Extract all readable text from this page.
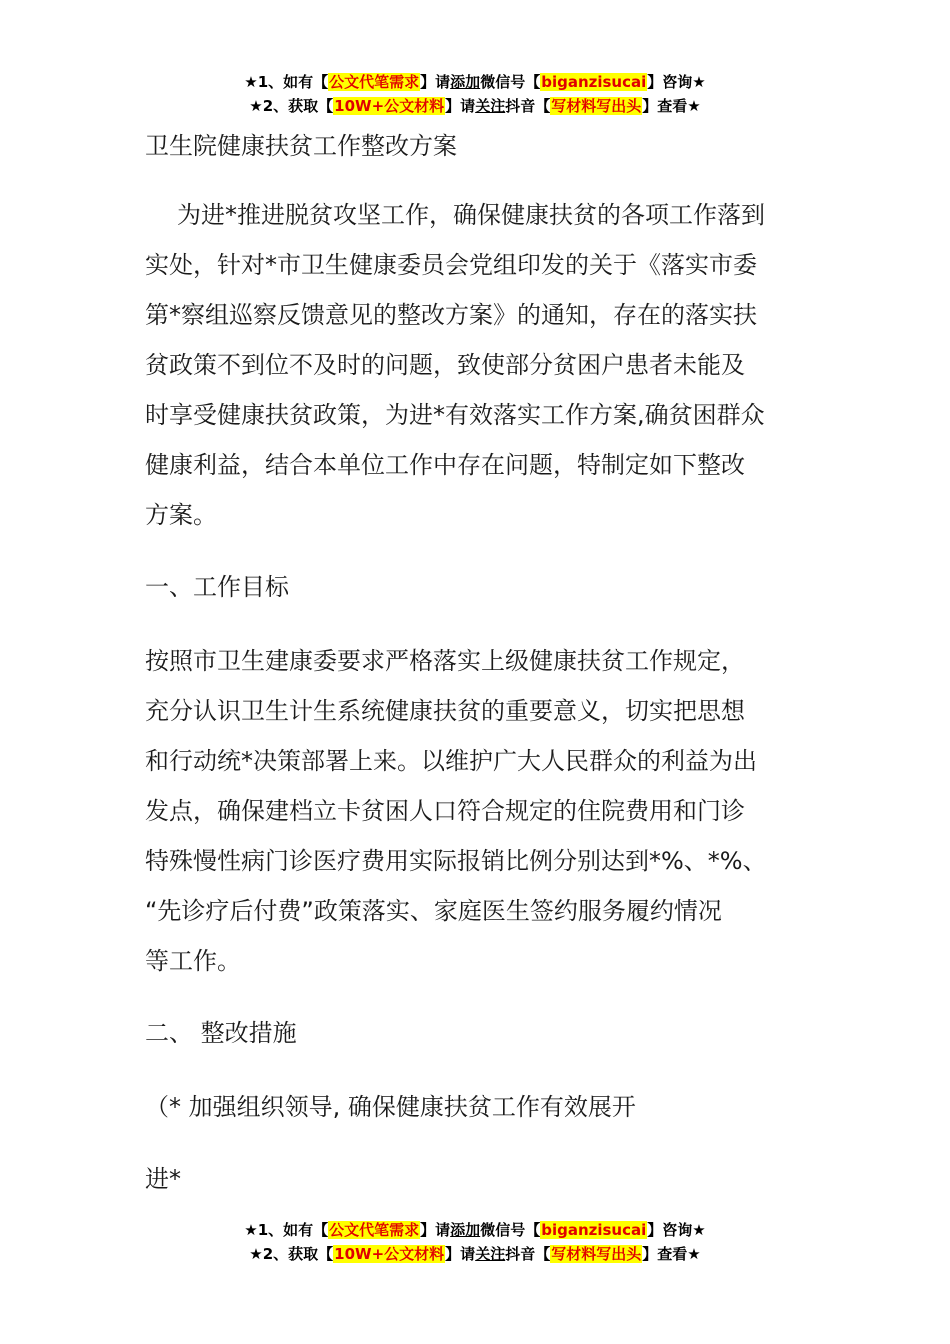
★1、如有【公文代笔需求】请添加微信号【biganzisucai】咨询★
★2、获取【10W+公文材料】请关注抖音【写材料写出头】查看★
卫生院健康扶贫工作整改方案
为进*推进脱贫攻坚工作，确保健康扶贫的各项工作落到
实处，针对*市卫生健康委员会党组印发的关于《落实市委
第*察组巡察反馈意见的整改方案》的通知，存在的落实扶
贫政策不到位不及时的问题，致使部分贫困户患者未能及
时享受健康扶贫政策，为进*有效落实工作方案,确贫困群众
健康利益，结合本单位工作中存在问题，特制定如下整改
方案。
一、工作目标
按照市卫生建康委要求严格落实上级健康扶贫工作规定，
充分认识卫生计生系统健康扶贫的重要意义，切实把思想
和行动统*决策部署上来。以维护广大人民群众的利益为出
发点，确保建档立卡贫困人口符合规定的住院费用和门诊
特殊慢性病门诊医疗费用实际报销比例分别达到*%、*%、
“先诊疗后付费”政策落实、家庭医生签约服务履约情况
等工作。
二、 整改措施
（* 加强组织领导, 确保健康扶贫工作有效展开
进*
★1、如有【公文代笔需求】请添加微信号【biganzisucai】咨询★
★2、获取【10W+公文材料】请关注抖音【写材料写出头】查看★
